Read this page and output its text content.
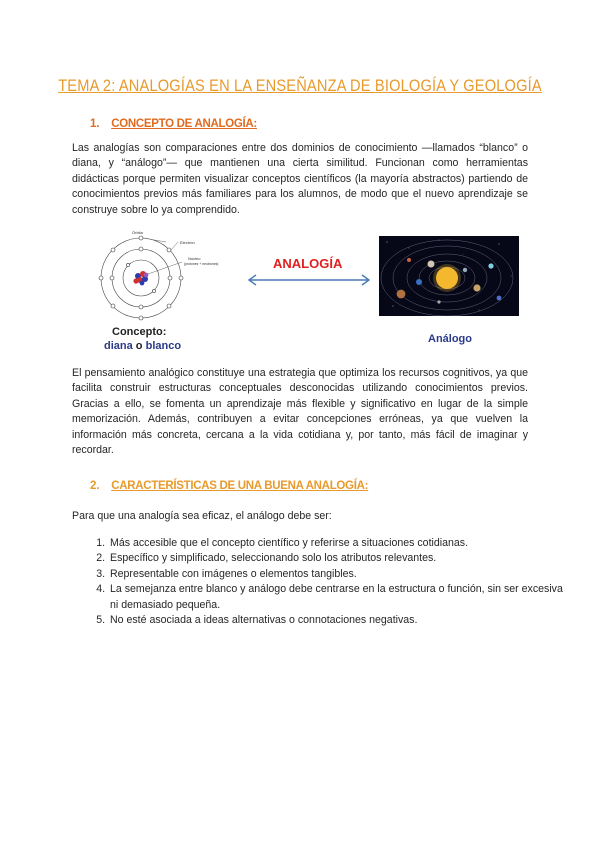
TEMA 2: ANALOGÍAS EN LA ENSEÑANZA DE BIOLOGÍA Y GEOLOGÍA
1. CONCEPTO DE ANALOGÍA:
Las analogías son comparaciones entre dos dominios de conocimiento —llamados “blanco” o diana, y “análogo”— que mantienen una cierta similitud. Funcionan como herramientas didácticas porque permiten visualizar conceptos científicos (la mayoría abstractos) partiendo de conocimientos previos más familiares para los alumnos, de modo que el nuevo aprendizaje se construye sobre lo ya comprendido.
Órbita
Electrón
Núcleo
(protones + neutrones)
Concepto:
diana o blanco
ANALOGÍA
Análogo
El pensamiento analógico constituye una estrategia que optimiza los recursos cognitivos, ya que facilita construir estructuras conceptuales desconocidas utilizando conocimientos previos. Gracias a ello, se fomenta un aprendizaje más flexible y significativo en lugar de la simple memorización. Además, contribuyen a evitar concepciones erróneas, ya que vuelven la información más concreta, cercana a la vida cotidiana y, por tanto, más fácil de imaginar y recordar.
2. CARACTERÍSTICAS DE UNA BUENA ANALOGÍA:
Para que una analogía sea eficaz, el análogo debe ser:
1. Más accesible que el concepto científico y referirse a situaciones cotidianas.
2. Específico y simplificado, seleccionando solo los atributos relevantes.
3. Representable con imágenes o elementos tangibles.
4. La semejanza entre blanco y análogo debe centrarse en la estructura o función, sin ser excesiva ni demasiado pequeña.
5. No esté asociada a ideas alternativas o connotaciones negativas.
